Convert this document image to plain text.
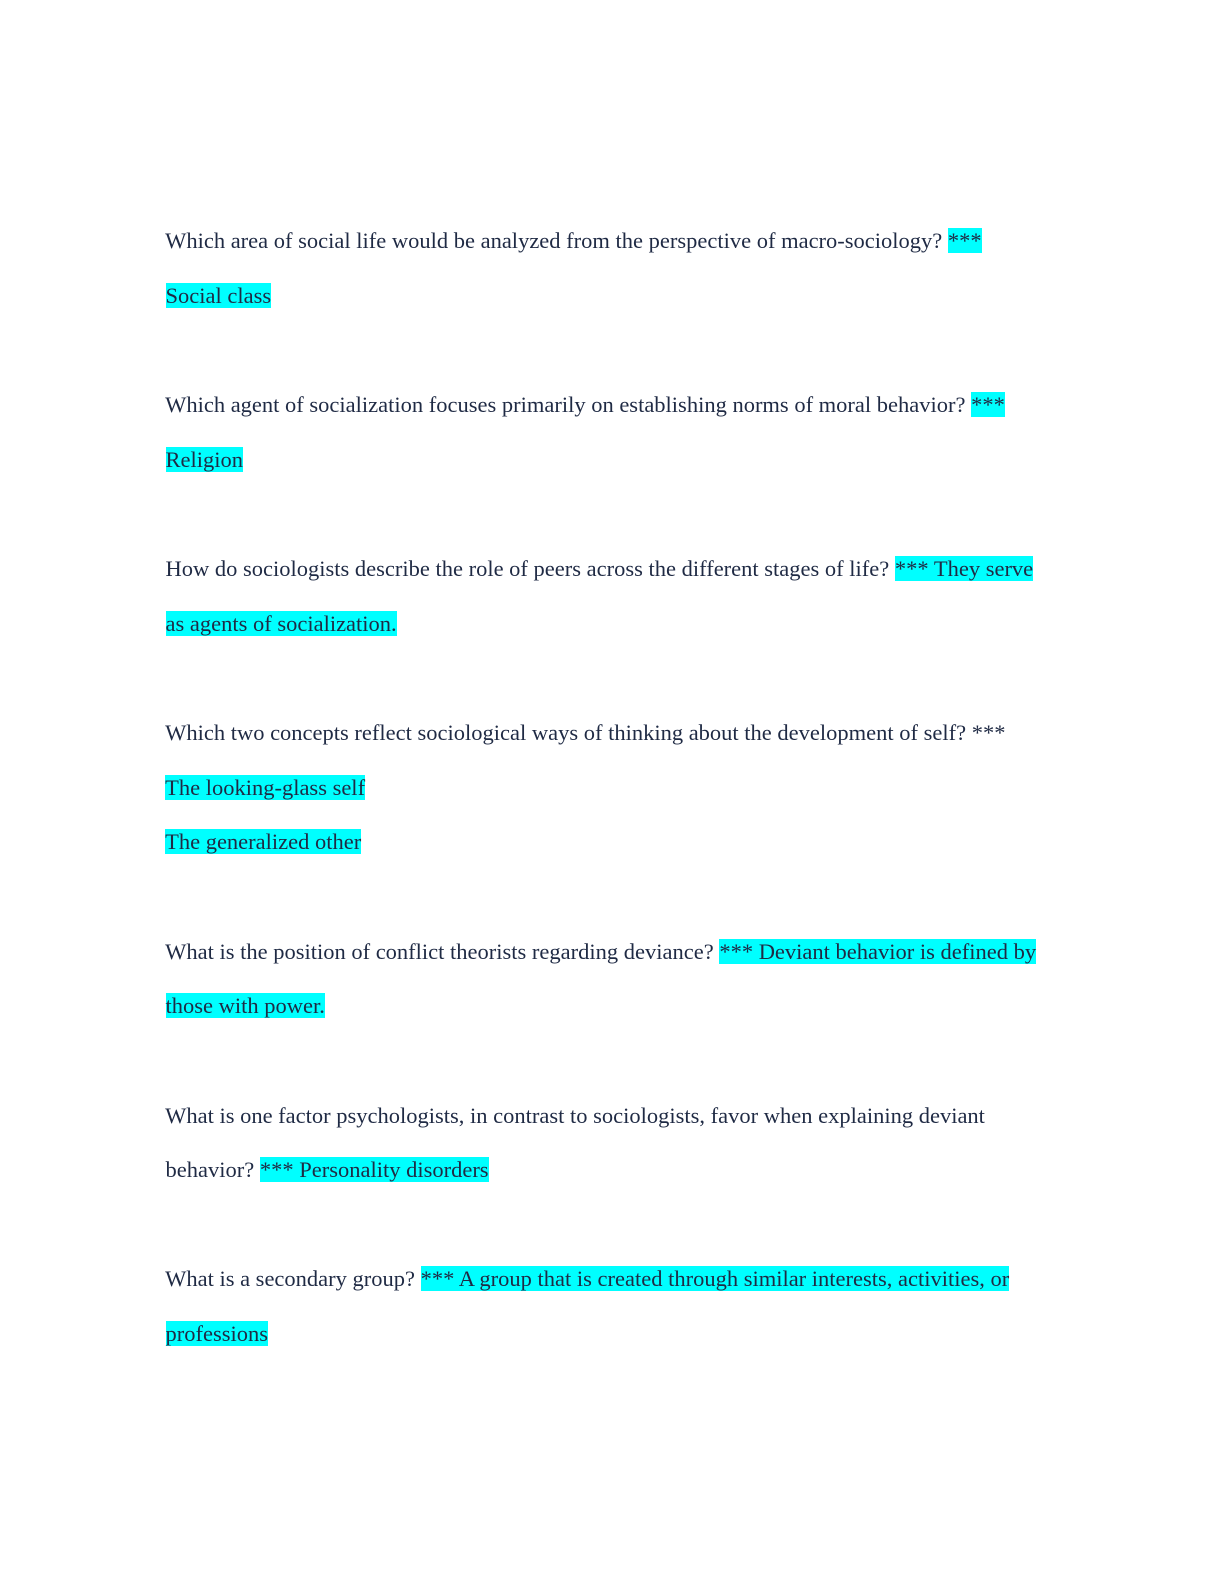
Which area of social life would be analyzed from the perspective of macro-sociology? ***

Social class

Which agent of socialization focuses primarily on establishing norms of moral behavior? ***

Religion

How do sociologists describe the role of peers across the different stages of life? *** They serve

as agents of socialization.

Which two concepts reflect sociological ways of thinking about the development of self? ***

The looking-glass self

The generalized other

What is the position of conflict theorists regarding deviance? *** Deviant behavior is defined by

those with power.

What is one factor psychologists, in contrast to sociologists, favor when explaining deviant

behavior? *** Personality disorders

What is a secondary group? *** A group that is created through similar interests, activities, or

professions
